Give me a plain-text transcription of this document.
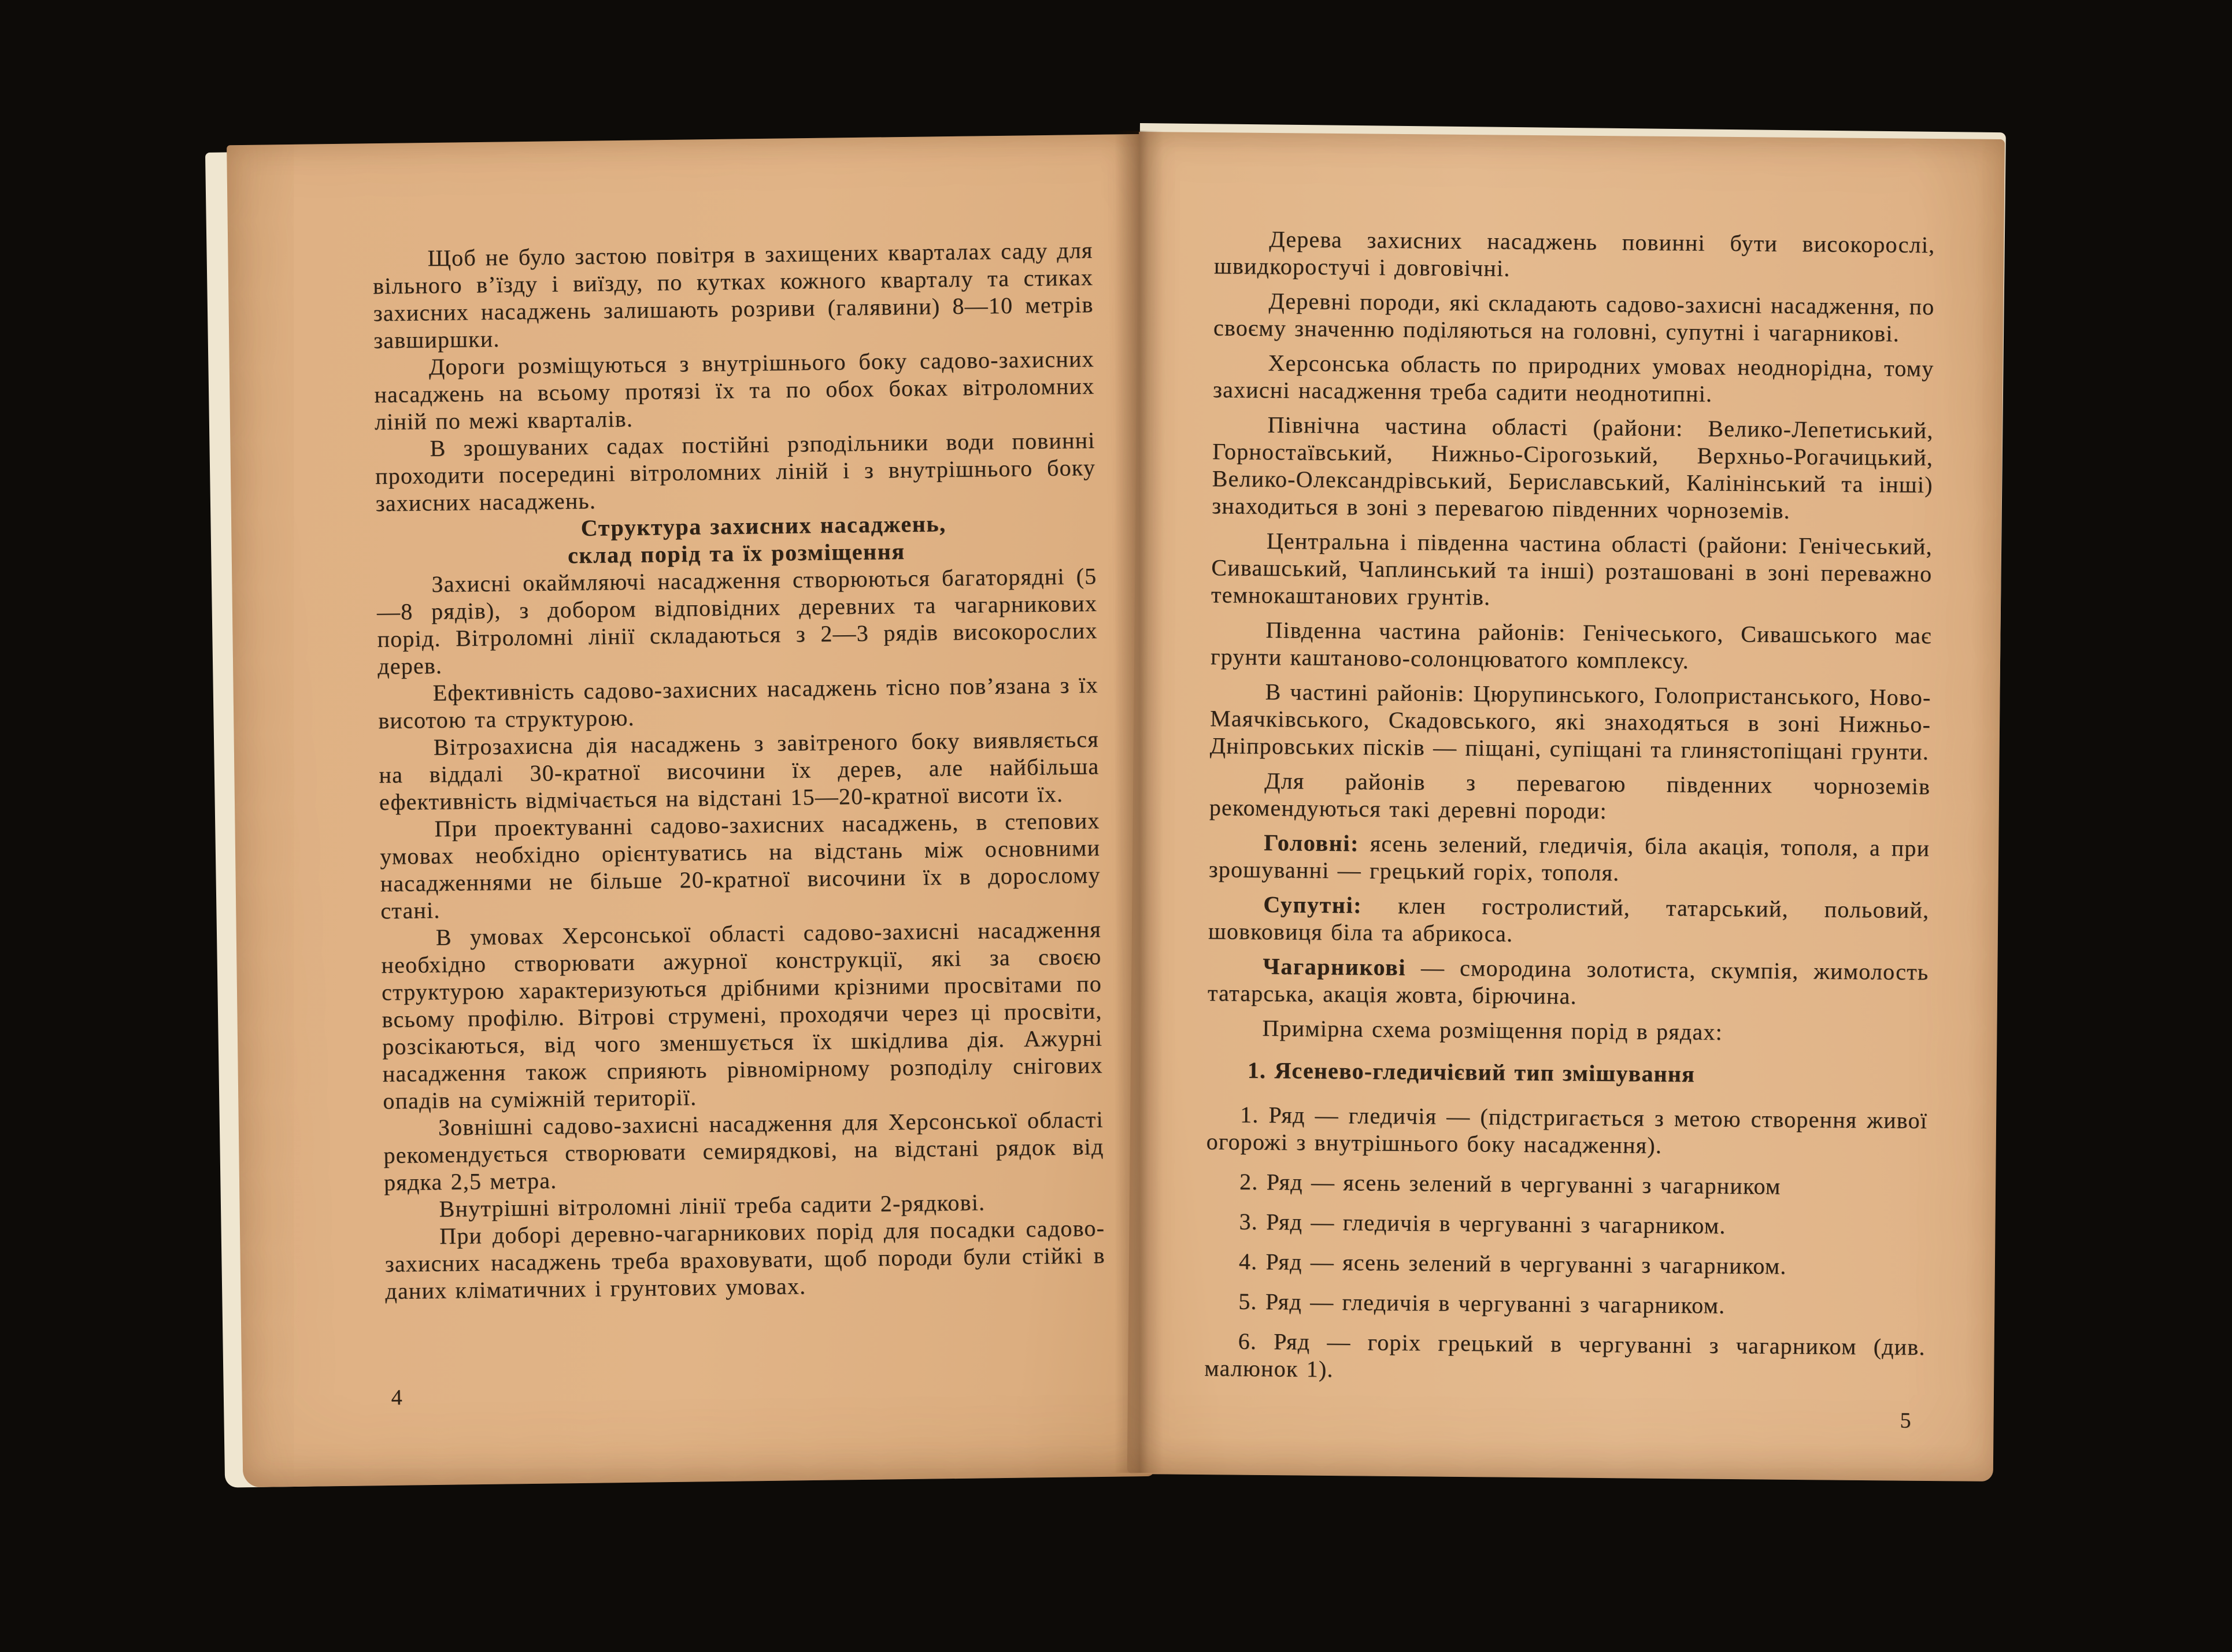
Щоб не було застою повітря в захищених кварталах саду для вільного в’їзду і виїзду, по кутках кожного кварталу та стиках захисних насаджень залишають розриви (галявини) 8—10 метрів завширшки.

Дороги розміщуються з внутрішнього боку садово-захисних насаджень на всьому протязі їх та по обох боках вітроломних ліній по межі кварталів.

В зрошуваних садах постійні рзподільники води повинні проходити посередині вітроломних ліній і з внутрішнього боку захисних насаджень.

Структура захисних насаджень,
склад порід та їх розміщення

Захисні окаймляючі насадження створюються багаторядні (5—8 рядів), з добором відповідних деревних та чагарникових порід. Вітроломні лінії складаються з 2—3 рядів високорослих дерев.

Ефективність садово-захисних насаджень тісно пов’язана з їх висотою та структурою.

Вітрозахисна дія насаджень з завітреного боку виявляється на віддалі 30-кратної височини їх дерев, але найбільша ефективність відмічається на відстані 15—20-кратної висоти їх.

При проектуванні садово-захисних насаджень, в степових умовах необхідно орієнтуватись на відстань між основними насадженнями не більше 20-кратної височини їх в дорослому стані.

В умовах Херсонської області садово-захисні насадження необхідно створювати ажурної конструкції, які за своєю структурою характеризуються дрібними крізними просвітами по всьому профілю. Вітрові струмені, проходячи через ці просвіти, розсікаються, від чого зменшується їх шкідлива дія. Ажурні насадження також сприяють рівномірному розподілу снігових опадів на суміжній території.

Зовнішні садово-захисні насадження для Херсонської області рекомендується створювати семирядкові, на відстані рядок від рядка 2,5 метра.

Внутрішні вітроломні лінії треба садити 2-рядкові.

При доборі деревно-чагарникових порід для посадки садово-захисних насаджень треба враховувати, щоб породи були стійкі в даних кліматичних і грунтових умовах.

4

Дерева захисних насаджень повинні бути високорослі, швидкоростучі і довговічні.

Деревні породи, які складають садово-захисні насадження, по своєму значенню поділяються на головні, супутні і чагарникові.

Херсонська область по природних умовах неоднорідна, тому захисні насадження треба садити неоднотипні.

Північна частина області (райони: Велико-Лепетиський, Горностаївський, Нижньо-Сірогозький, Верхньо-Рогачицький, Велико-Олександрівський, Бериславський, Калінінський та інші) знаходиться в зоні з перевагою південних чорноземів.

Центральна і південна частина області (райони: Генічеський, Сивашський, Чаплинський та інші) розташовані в зоні переважно темнокаштанових грунтів.

Південна частина районів: Генічеського, Сивашського має грунти каштаново-солонцюватого комплексу.

В частині районів: Цюрупинського, Голопристанського, Ново-Маячківського, Скадовського, які знаходяться в зоні Нижньо-Дніпровських пісків — піщані, супіщані та глинястопіщані грунти.

Для районів з перевагою південних чорноземів рекомендуються такі деревні породи:

Головні: ясень зелений, гледичія, біла акація, тополя, а при зрошуванні — грецький горіх, тополя.

Супутні: клен гостролистий, татарський, польовий, шовковиця біла та абрикоса.

Чагарникові — смородина золотиста, скумпія, жимолость татарська, акація жовта, бірючина.

Примірна схема розміщення порід в рядах:

1. Ясенево-гледичієвий тип змішування

1. Ряд — гледичія — (підстригається з метою створення живої огорожі з внутрішнього боку насадження).

2. Ряд — ясень зелений в чергуванні з чагарником

3. Ряд — гледичія в чергуванні з чагарником.

4. Ряд — ясень зелений в чергуванні з чагарником.

5. Ряд — гледичія в чергуванні з чагарником.

6. Ряд — горіх грецький в чергуванні з чагарником (див. малюнок 1).

5
